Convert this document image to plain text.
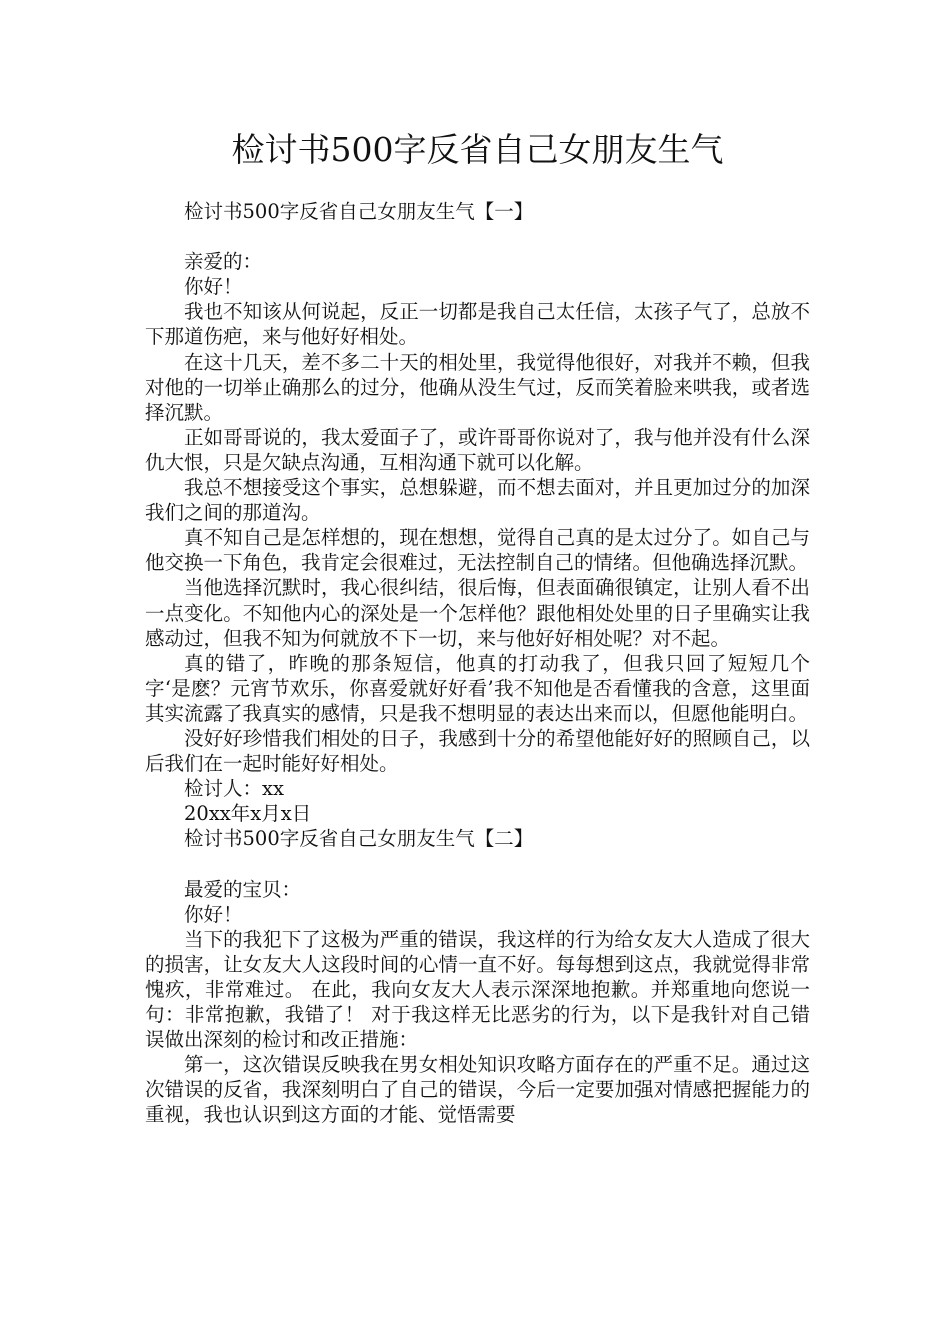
检讨书500字反省自己女朋友生气

检讨书500字反省自己女朋友生气【一】

亲爱的：

你好！

我也不知该从何说起，反正一切都是我自己太任信，太孩子气了，总放不下那道伤疤，来与他好好相处。

在这十几天，差不多二十天的相处里，我觉得他很好，对我并不赖，但我对他的一切举止确那么的过分，他确从没生气过，反而笑着脸来哄我，或者选择沉默。

正如哥哥说的，我太爱面子了，或许哥哥你说对了，我与他并没有什么深仇大恨，只是欠缺点沟通，互相沟通下就可以化解。

我总不想接受这个事实，总想躲避，而不想去面对，并且更加过分的加深我们之间的那道沟。

真不知自己是怎样想的，现在想想，觉得自己真的是太过分了。如自己与他交换一下角色，我肯定会很难过，无法控制自己的情绪。但他确选择沉默。

当他选择沉默时，我心很纠结，很后悔，但表面确很镇定，让别人看不出一点变化。不知他内心的深处是一个怎样他？跟他相处处里的日子里确实让我感动过，但我不知为何就放不下一切，来与他好好相处呢？对不起。

真的错了，昨晚的那条短信，他真的打动我了，但我只回了短短几个字‘是麽？元宵节欢乐，你喜爱就好好看’我不知他是否看懂我的含意，这里面其实流露了我真实的感情，只是我不想明显的表达出来而以，但愿他能明白。

没好好珍惜我们相处的日子，我感到十分的希望他能好好的照顾自己，以后我们在一起时能好好相处。

检讨人：xx

20xx年x月x日

检讨书500字反省自己女朋友生气【二】

最爱的宝贝：

你好！

当下的我犯下了这极为严重的错误，我这样的行为给女友大人造成了很大的损害，让女友大人这段时间的心情一直不好。每每想到这点，我就觉得非常愧疚，非常难过。 在此，我向女友大人表示深深地抱歉。并郑重地向您说一句：非常抱歉，我错了！ 对于我这样无比恶劣的行为，以下是我针对自己错误做出深刻的检讨和改正措施：

第一，这次错误反映我在男女相处知识攻略方面存在的严重不足。通过这次错误的反省，我深刻明白了自己的错误，今后一定要加强对情感把握能力的重视，我也认识到这方面的才能、觉悟需要
